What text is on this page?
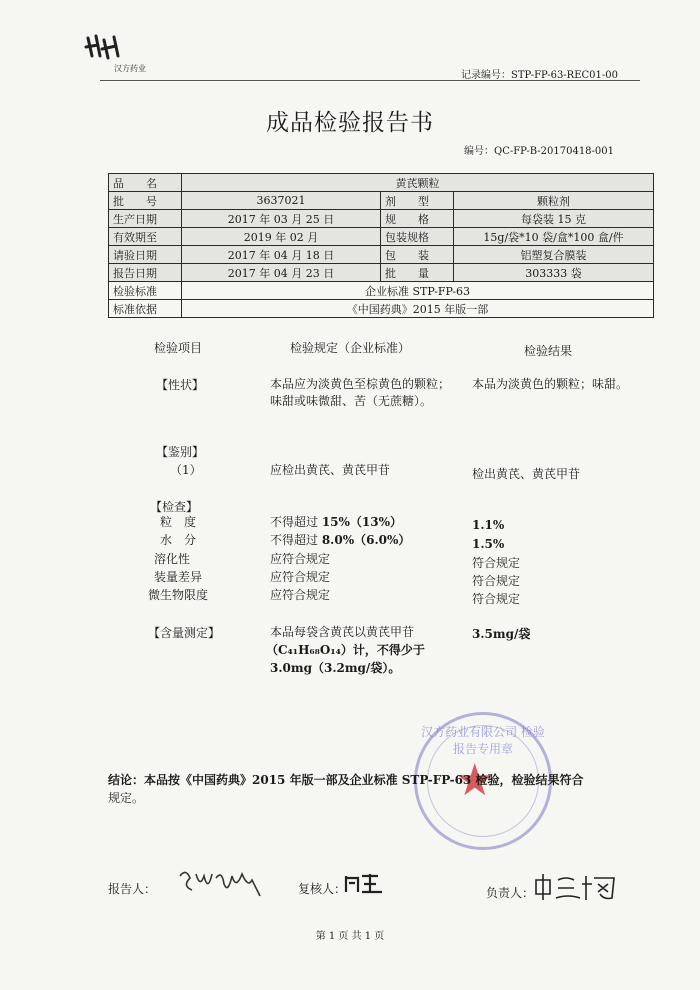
汉方药业
记录编号：STP-FP-63-REC01-00
成品检验报告书
编号：QC-FP-B-20170418-001
品　　名	黄芪颗粒		
批　　号	3637021	剂　　型	颗粒剂
生产日期	2017 年 03 月 25 日	规　　格	每袋装 15 克
有效期至	2019 年 02 月	包装规格	15g/袋*10 袋/盒*100 盒/件
请验日期	2017 年 04 月 18 日	包　　装	铝塑复合膜装
报告日期	2017 年 04 月 23 日	批　　量	303333 袋
检验标准	企业标准 STP-FP-63		
标准依据	《中国药典》2015 年版一部		
检验项目	检验规定（企业标准）	检验结果
【性状】	本品应为淡黄色至棕黄色的颗粒；味甜或味微甜、苦（无蔗糖）。
本品为淡黄色的颗粒；味甜。
【鉴别】
（1）	应检出黄芪、黄芪甲苷	检出黄芪、黄芪甲苷
【检查】
粒　度	不得超过 15%（13%）	1.1%
水　分	不得超过 8.0%（6.0%）	1.5%
溶化性	应符合规定	符合规定
装量差异	应符合规定	符合规定
微生物限度	应符合规定	符合规定
【含量测定】	本品每袋含黄芪以黄芪甲苷
（C₄₁H₆₈O₁₄）计，不得少于
3.0mg（3.2mg/袋）。
3.5mg/袋
汉方药业有限公司 检验报告专用章
★
结论：本品按《中国药典》2015 年版一部及企业标准 STP-FP-63 检验，检验结果符合
规定。
报告人：	复核人：	负责人：
第 1 页 共 1 页
